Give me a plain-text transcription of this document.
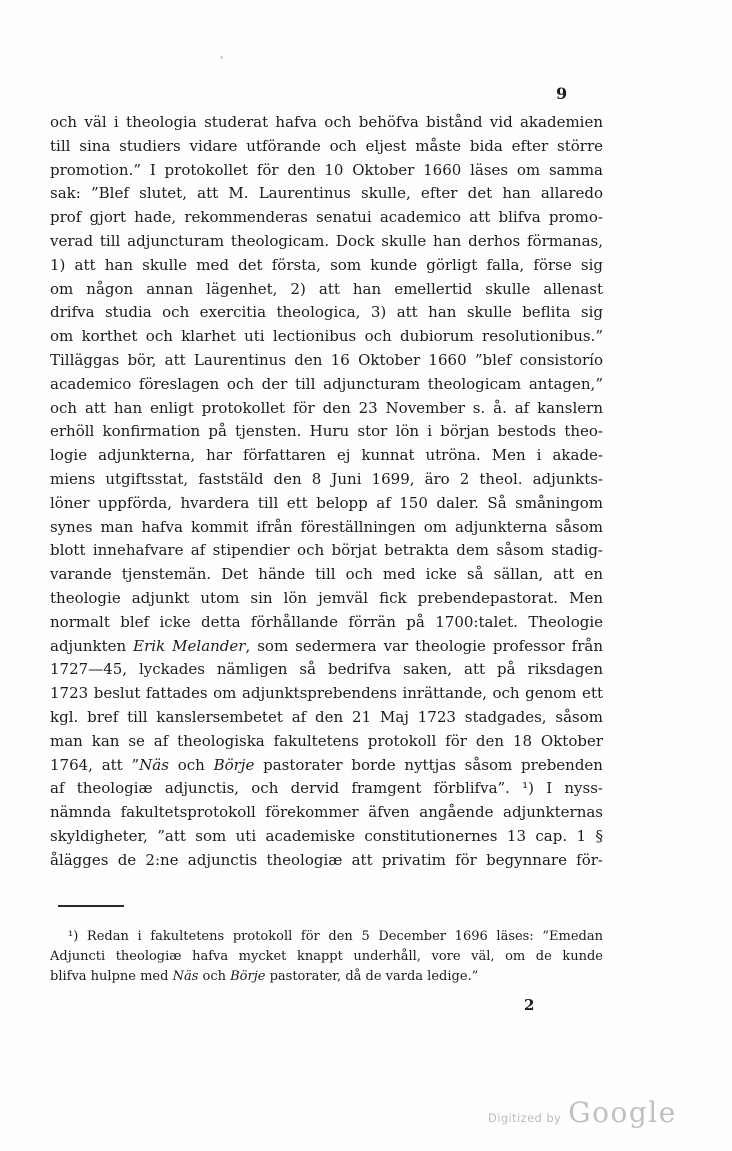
9
och väl i theologia studerat hafva och behöfva bistånd vid akademien
till sina studiers vidare utförande och eljest måste bida efter större
promotion.” I protokollet för den 10 Oktober 1660 läses om samma
sak: ”Blef slutet, att M. Laurentinus skulle, efter det han allaredo
prof gjort hade, rekommenderas senatui academico att blifva promo-
verad till adjuncturam theologicam. Dock skulle han derhos förmanas,
1) att han skulle med det första, som kunde görligt falla, förse sig
om någon annan lägenhet, 2) att han emellertid skulle allenast
drifva studia och exercitia theologica, 3) att han skulle beflita sig
om korthet och klarhet uti lectionibus och dubiorum resolutionibus.”
Tilläggas bör, att Laurentinus den 16 Oktober 1660 ”blef consistorío
academico föreslagen och der till adjuncturam theologicam antagen,”
och att han enligt protokollet för den 23 November s. å. af kanslern
erhöll konfirmation på tjensten. Huru stor lön i början bestods theo-
logie adjunkterna, har författaren ej kunnat utröna. Men i akade-
miens utgiftsstat, faststäld den 8 Juni 1699, äro 2 theol. adjunkts-
löner uppförda, hvardera till ett belopp af 150 daler. Så småningom
synes man hafva kommit ifrån föreställningen om adjunkterna såsom
blott innehafvare af stipendier och börjat betrakta dem såsom stadig-
varande tjenstemän. Det hände till och med icke så sällan, att en
theologie adjunkt utom sin lön jemväl fick prebendepastorat. Men
normalt blef icke detta förhållande förrän på 1700:talet. Theologie
adjunkten Erik Melander, som sedermera var theologie professor från
1727—45, lyckades nämligen så bedrifva saken, att på riksdagen
1723 beslut fattades om adjunktsprebendens inrättande, och genom ett
kgl. bref till kanslersembetet af den 21 Maj 1723 stadgades, såsom
man kan se af theologiska fakultetens protokoll för den 18 Oktober
1764, att ”Näs och Börje pastorater borde nyttjas såsom prebenden
af theologiæ adjunctis, och dervid framgent förblifva”. ¹) I nyss-
nämnda fakultetsprotokoll förekommer äfven angående adjunkternas
skyldigheter, ”att som uti academiske constitutionernes 13 cap. 1 §
ålägges de 2:ne adjunctis theologiæ att privatim för begynnare för-
¹) Redan i fakultetens protokoll för den 5 December 1696 läses: ”Emedan
Adjuncti theologiæ hafva mycket knappt underhåll, vore väl, om de kunde
blifva hulpne med Näs och Börje pastorater, då de varda ledige.”
2
Digitized by Google
